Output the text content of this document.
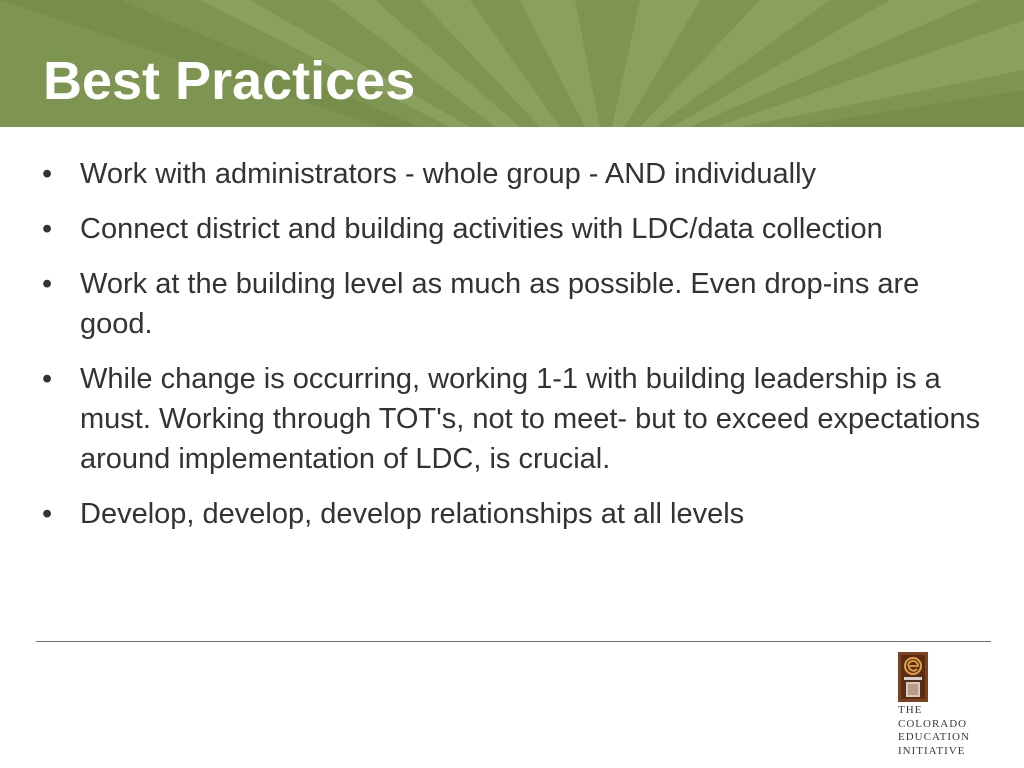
Best Practices
• Work with administrators - whole group - AND individually
• Connect district and building activities with LDC/data collection
• Work at the building level as much as possible. Even drop-ins are good.
• While change is occurring, working 1-1 with building leadership is a must. Working through TOT's, not to meet- but to exceed expectations around implementation of LDC, is crucial.
• Develop, develop, develop relationships at all levels
THE
COLORADO
EDUCATION
INITIATIVE
